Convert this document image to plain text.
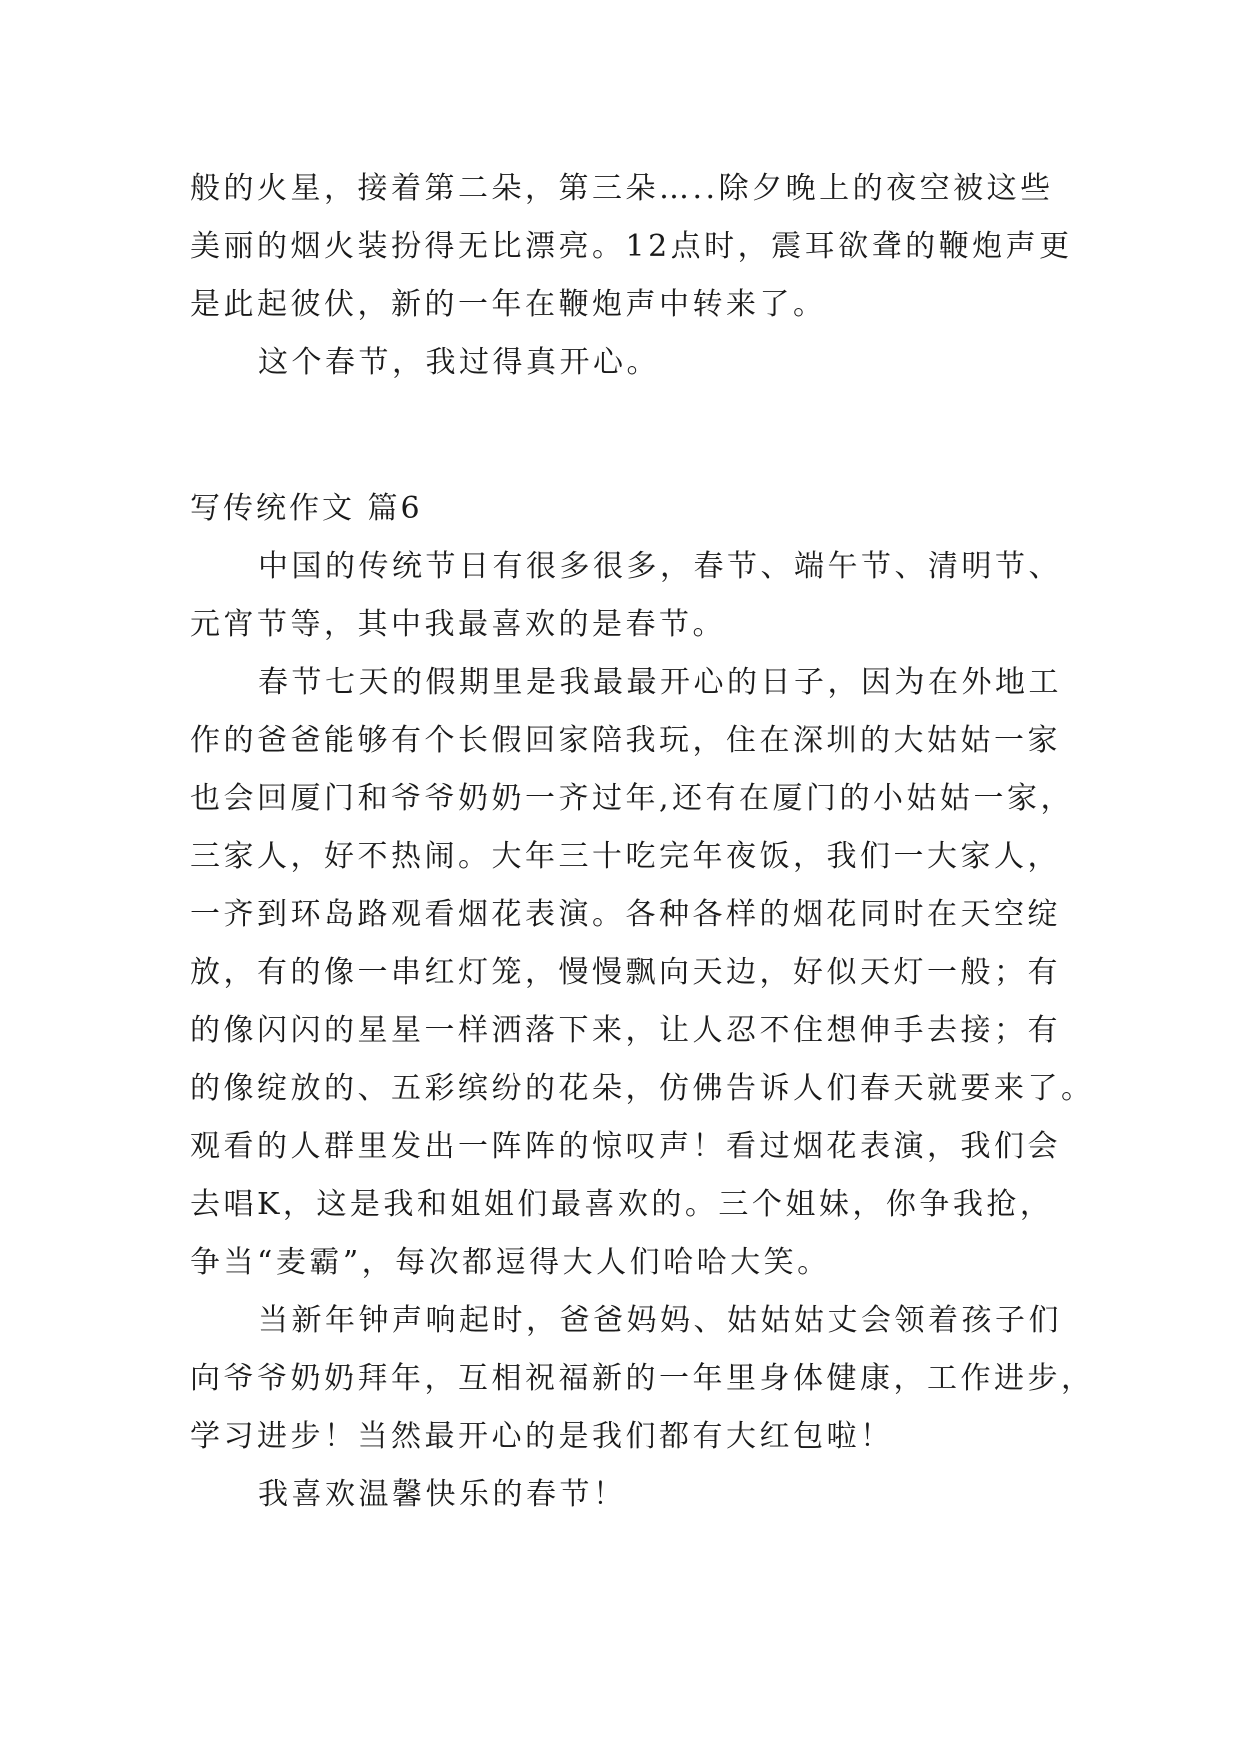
般的火星，接着第二朵，第三朵…..除夕晚上的夜空被这些

美丽的烟火装扮得无比漂亮。12点时，震耳欲聋的鞭炮声更

是此起彼伏，新的一年在鞭炮声中转来了。

这个春节，我过得真开心。

写传统作文 篇6

中国的传统节日有很多很多，春节、端午节、清明节、

元宵节等，其中我最喜欢的是春节。

春节七天的假期里是我最最开心的日子，因为在外地工

作的爸爸能够有个长假回家陪我玩，住在深圳的大姑姑一家

也会回厦门和爷爷奶奶一齐过年,还有在厦门的小姑姑一家，

三家人，好不热闹。大年三十吃完年夜饭，我们一大家人，

一齐到环岛路观看烟花表演。各种各样的烟花同时在天空绽

放，有的像一串红灯笼，慢慢飘向天边，好似天灯一般；有

的像闪闪的星星一样洒落下来，让人忍不住想伸手去接；有

的像绽放的、五彩缤纷的花朵，仿佛告诉人们春天就要来了。

观看的人群里发出一阵阵的惊叹声！看过烟花表演，我们会

去唱K，这是我和姐姐们最喜欢的。三个姐妹，你争我抢，

争当“麦霸”，每次都逗得大人们哈哈大笑。

当新年钟声响起时，爸爸妈妈、姑姑姑丈会领着孩子们

向爷爷奶奶拜年，互相祝福新的一年里身体健康，工作进步，

学习进步！当然最开心的是我们都有大红包啦！

我喜欢温馨快乐的春节！
